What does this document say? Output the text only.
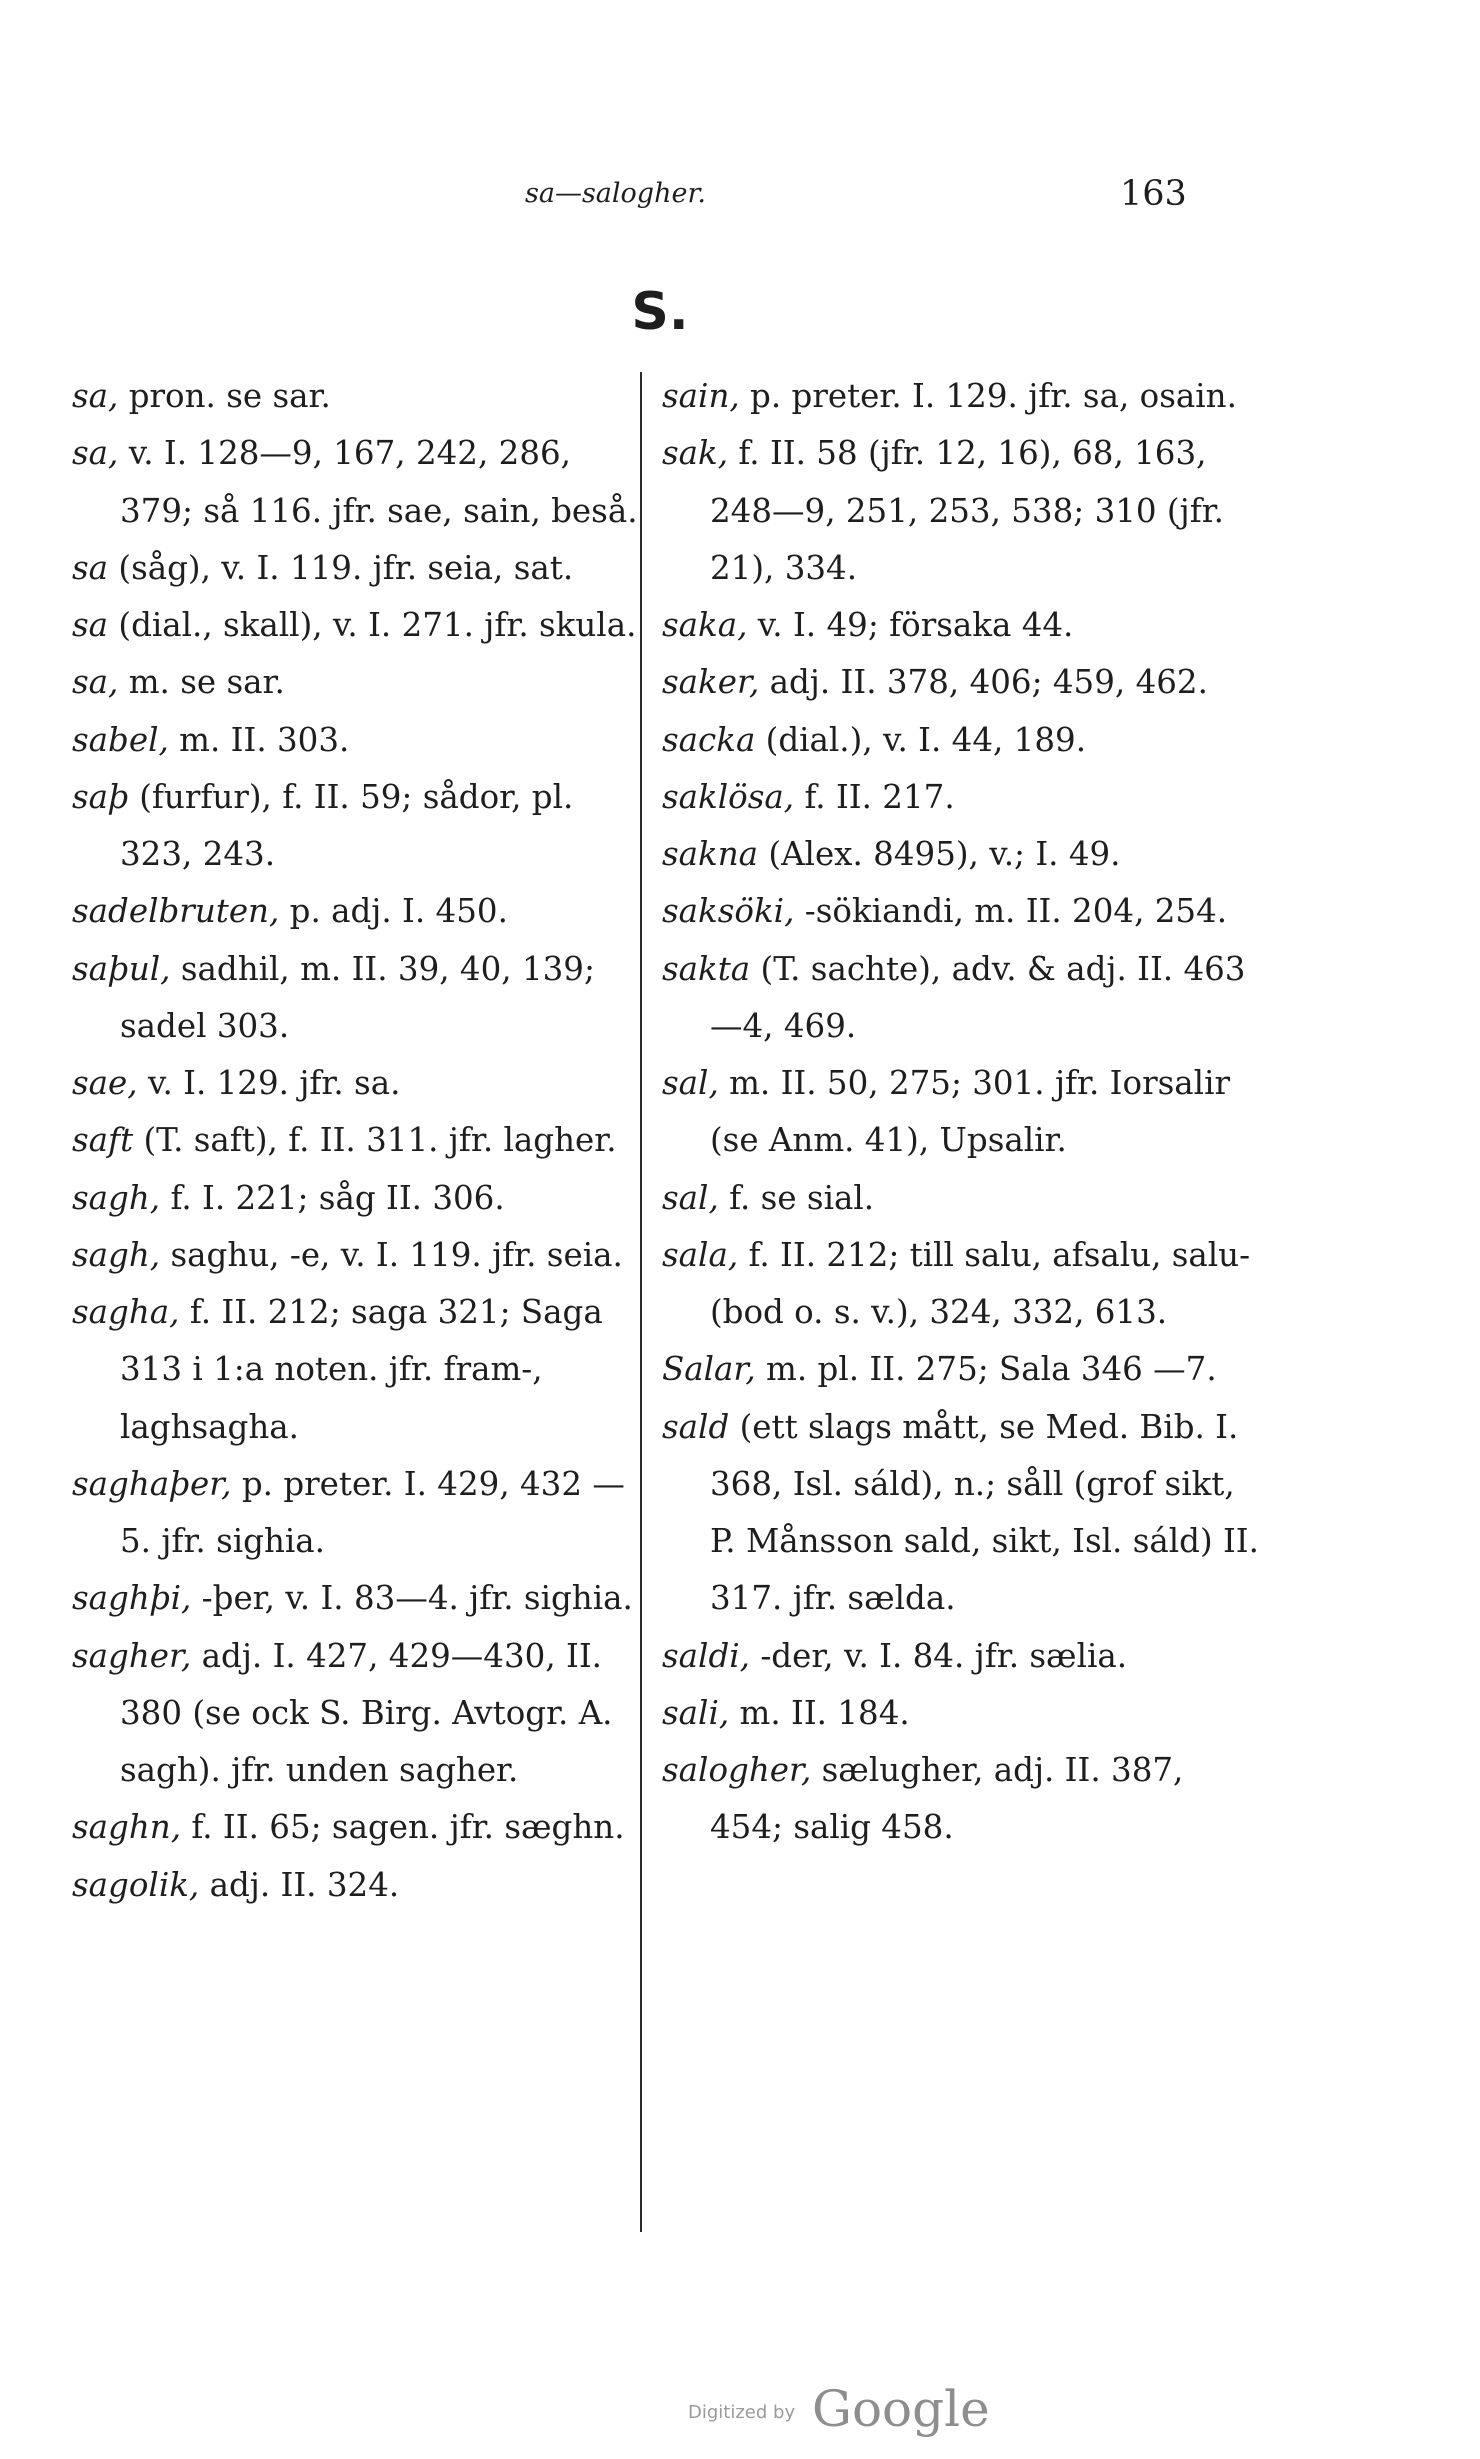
sa—salogher.	163
S.

sa, pron. se sar.

sa, v. I. 128—9, 167, 242, 286, 379; så 116. jfr. sae, sain, beså.

sa (såg), v. I. 119. jfr. seia, sat.

sa (dial., skall), v. I. 271. jfr. skula.

sa, m. se sar.

sabel, m. II. 303.

saþ (furfur), f. II. 59; sådor, pl. 323, 243.

sadelbruten, p. adj. I. 450.

saþul, sadhil, m. II. 39, 40, 139; sadel 303.

sae, v. I. 129. jfr. sa.

saft (T. saft), f. II. 311. jfr. lagher.

sagh, f. I. 221; såg II. 306.

sagh, saghu, -e, v. I. 119. jfr. seia.

sagha, f. II. 212; saga 321; Saga 313 i 1:a noten. jfr. fram-, laghsagha.

saghaþer, p. preter. I. 429, 432 —5. jfr. sighia.

saghþi, -þer, v. I. 83—4. jfr. sighia.

sagher, adj. I. 427, 429—430, II. 380 (se ock S. Birg. Avtogr. A. sagh). jfr. unden sagher.

saghn, f. II. 65; sagen. jfr. sæghn.

sagolik, adj. II. 324.

sain, p. preter. I. 129. jfr. sa, osain.

sak, f. II. 58 (jfr. 12, 16), 68, 163, 248—9, 251, 253, 538; 310 (jfr. 21), 334.

saka, v. I. 49; försaka 44.

saker, adj. II. 378, 406; 459, 462.

sacka (dial.), v. I. 44, 189.

saklösa, f. II. 217.

sakna (Alex. 8495), v.; I. 49.

saksöki, -sökiandi, m. II. 204, 254.

sakta (T. sachte), adv. & adj. II. 463—4, 469.

sal, m. II. 50, 275; 301. jfr. Iorsalir (se Anm. 41), Upsalir.

sal, f. se sial.

sala, f. II. 212; till salu, afsalu, salu- (bod o. s. v.), 324, 332, 613.

Salar, m. pl. II. 275; Sala 346 —7.

sald (ett slags mått, se Med. Bib. I. 368, Isl. sáld), n.; såll (grof sikt, P. Månsson sald, sikt, Isl. sáld) II. 317. jfr. sælda.

saldi, -der, v. I. 84. jfr. sælia.

sali, m. II. 184.

salogher, sælugher, adj. II. 387, 454; salig 458.

Digitized by Google
